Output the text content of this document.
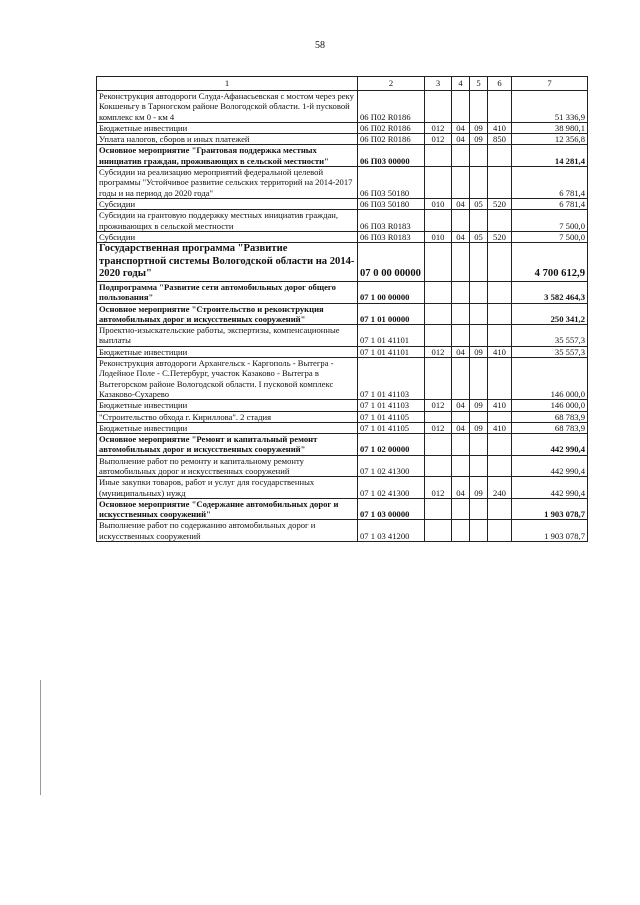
58
1	2	3	4	5	6	7
Реконструкция автодороги Слуда-Афанасьевская с мостом через реку Кокшеньгу в Тарногском районе Вологодской области. 1-й пусковой комплекс км 0 - км 4	06 П02 R0186					51 336,9
Бюджетные инвестиции	06 П02 R0186	012	04	09	410	38 980,1
Уплата налогов, сборов и иных платежей	06 П02 R0186	012	04	09	850	12 356,8
Основное мероприятие "Грантовая поддержка местных инициатив граждан, проживающих в сельской местности"	06 П03 00000					14 281,4
Субсидии на реализацию мероприятий федеральной целевой программы "Устойчивое развитие сельских территорий на 2014-2017 годы и на период до 2020 года"	06 П03 50180					6 781,4
Субсидии	06 П03 50180	010	04	05	520	6 781,4
Субсидии на грантовую поддержку местных инициатив граждан, проживающих в сельской местности	06 П03 R0183					7 500,0
Субсидии	06 П03 R0183	010	04	05	520	7 500,0
Государственная программа "Развитие транспортной системы Вологодской области на 2014-2020 годы"	07 0 00 00000					4 700 612,9
Подпрограмма "Развитие сети автомобильных дорог общего пользования"	07 1 00 00000					3 582 464,3
Основное мероприятие "Строительство и реконструкция автомобильных дорог и искусственных сооружений"	07 1 01 00000					250 341,2
Проектно-изыскательские работы, экспертизы, компенсационные выплаты	07 1 01 41101					35 557,3
Бюджетные инвестиции	07 1 01 41101	012	04	09	410	35 557,3
Реконструкция автодороги Архангельск - Каргополь - Вытегра - Лодейное Поле - С.Петербург, участок Казаково - Вытегра в Вытегорском районе Вологодской области. I пусковой комплекс Казаково-Сухарево	07 1 01 41103					146 000,0
Бюджетные инвестиции	07 1 01 41103	012	04	09	410	146 000,0
"Строительство обхода г. Кириллова". 2 стадия	07 1 01 41105					68 783,9
Бюджетные инвестиции	07 1 01 41105	012	04	09	410	68 783,9
Основное мероприятие "Ремонт и капитальный ремонт автомобильных дорог и искусственных сооружений"	07 1 02 00000					442 990,4
Выполнение работ по ремонту и капитальному ремонту автомобильных дорог и искусственных сооружений	07 1 02 41300					442 990,4
Иные закупки товаров, работ и услуг для государственных (муниципальных) нужд	07 1 02 41300	012	04	09	240	442 990,4
Основное мероприятие "Содержание автомобильных дорог и искусственных сооружений"	07 1 03 00000					1 903 078,7
Выполнение работ по содержанию автомобильных дорог и искусственных сооружений	07 1 03 41200					1 903 078,7
